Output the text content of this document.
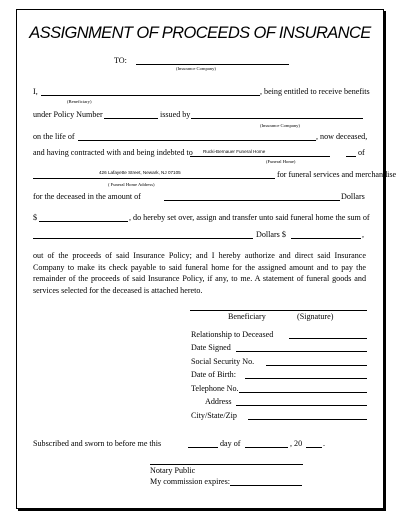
ASSIGNMENT OF PROCEEDS OF INSURANCE
TO:
(Insurance Company)
I,	, being entitled to receive benefits
(Beneficiary)
under Policy Number	issued by
(Insurance Company)
on the life of	, now deceased,
and having contracted with and being indebted to Rucki-Bernauer Funeral Home	of
(Funeral Home)
426 Lafayette Street, Newark, NJ 07105	for funeral services and merchandise
( Funeral Home Address)
for the deceased in the amount of	Dollars
$	, do hereby set over, assign and transfer unto said funeral home the sum of
Dollars $	,
out of the proceeds of said Insurance Policy; and I hereby authorize and direct said Insurance Company to make its check payable to said funeral home for the assigned amount and to pay the remainder of the proceeds of said Insurance Policy, if any, to me. A statement of funeral goods and services selected for the deceased is attached hereto.
Beneficiary	(Signature)
Relationship to Deceased
Date Signed
Social Security No.
Date of Birth:
Telephone No.
Address
City/State/Zip
Subscribed and sworn to before me this	day of	, 20	.
Notary Public
My commission expires:
